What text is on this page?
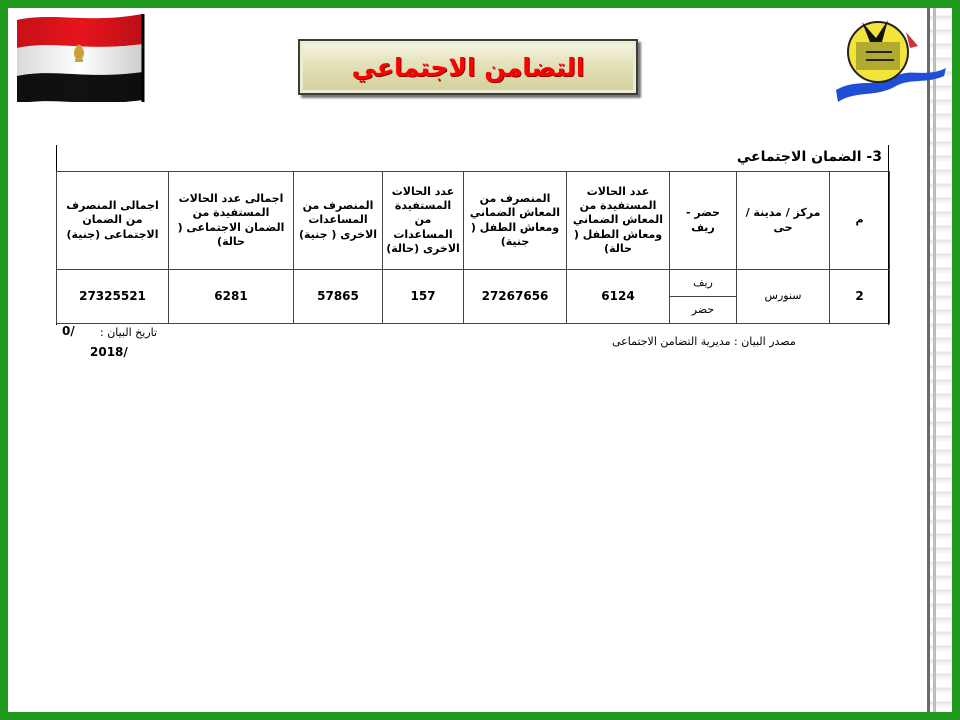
التضامن الاجتماعي
3- الضمان الاجتماعي
م	مركز / مدينة / حى	حضر - ريف	عدد الحالات المستفيدة من المعاش الضماني ومعاش الطفل ( حالة)	المنصرف من المعاش الضماني ومعاش الطفل ( جنية)	عدد الحالات المستفيدة من المساعدات الاخرى (حالة)	المنصرف من المساعدات الاخرى ( جنية)	اجمالى عدد الحالات المستفيدة من الضمان الاجتماعى ( حالة)	اجمالى المنصرف من الضمان الاجتماعى (جنية)
2	سنورس	ريف	6124	27267656	157	57865	6281	27325521
		حضر						
تاريخ البيان :
0/
2018/
مصدر البيان : مديرية التضامن الاجتماعى
